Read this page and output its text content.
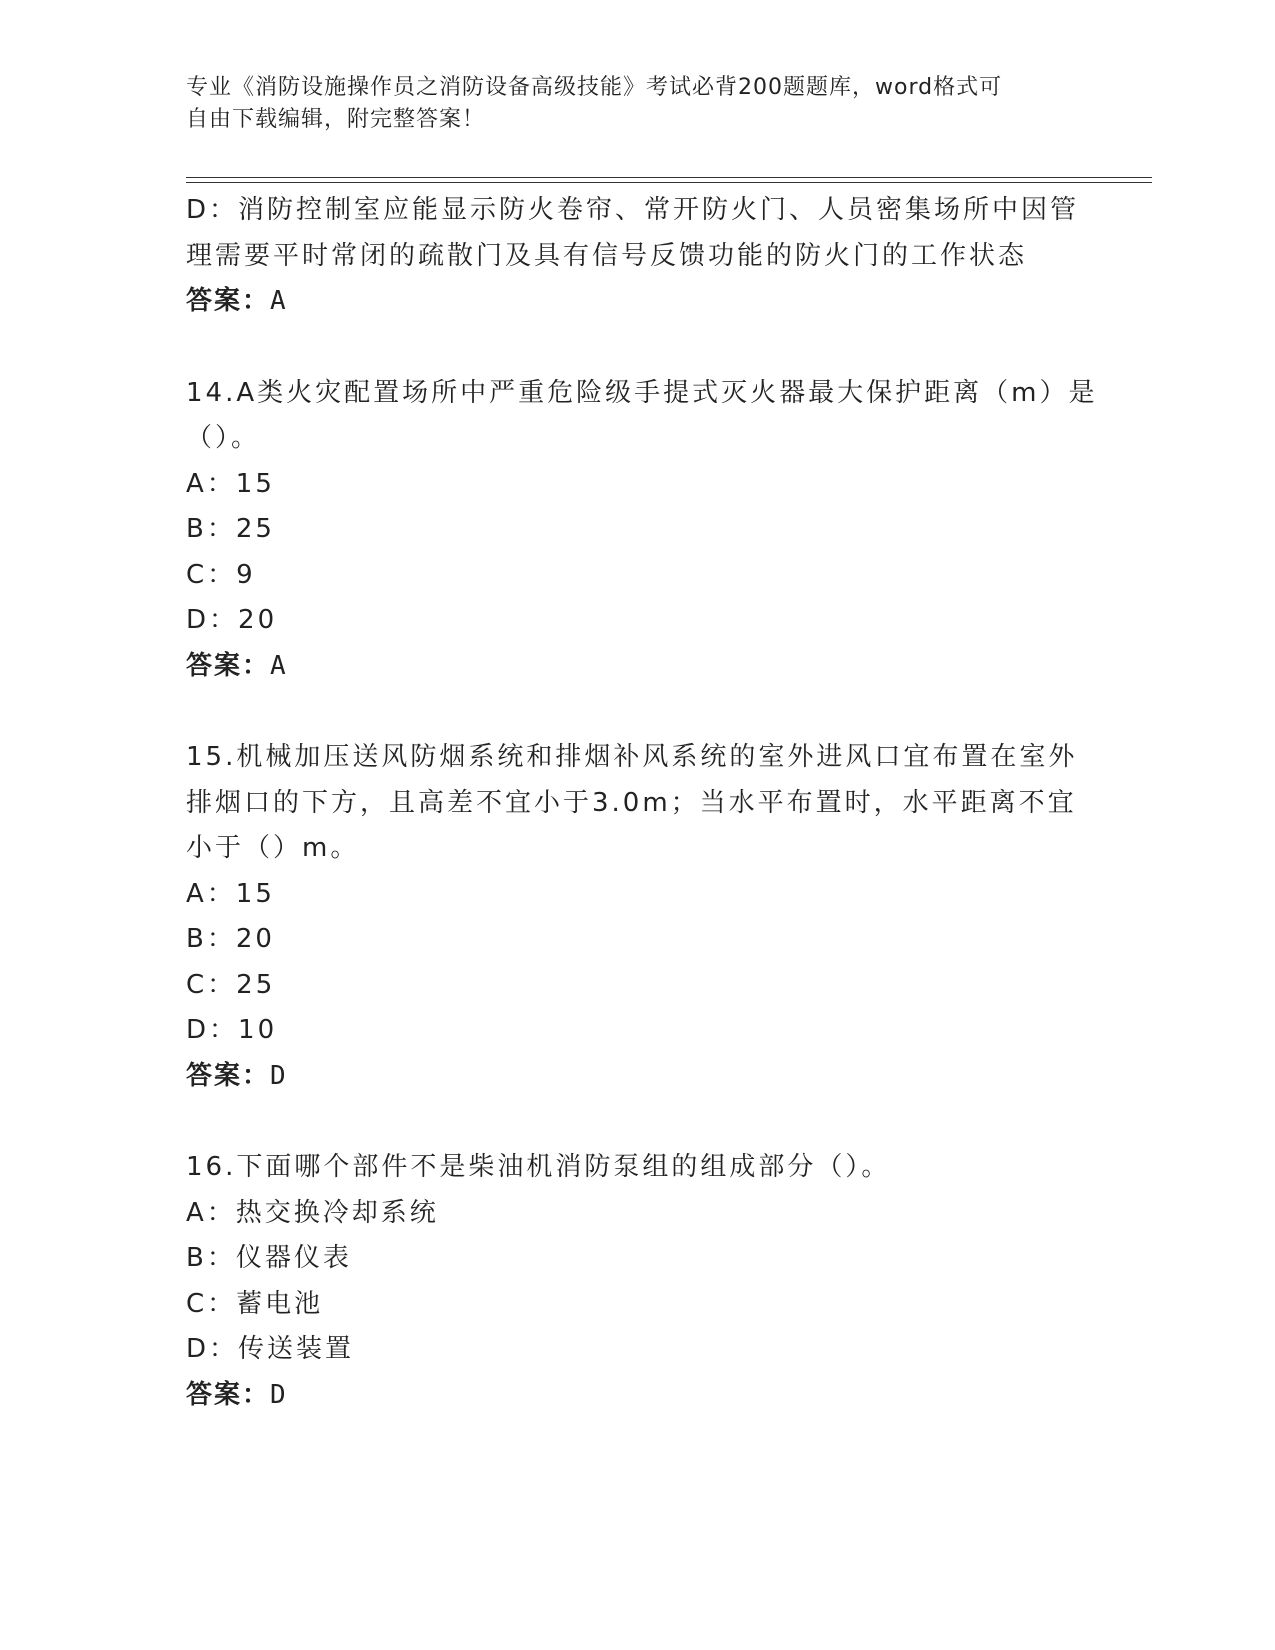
专业《消防设施操作员之消防设备高级技能》考试必背200题题库，word格式可
自由下载编辑，附完整答案！

D：消防控制室应能显示防火卷帘、常开防火门、人员密集场所中因管

理需要平时常闭的疏散门及具有信号反馈功能的防火门的工作状态

答案：A

14.A类火灾配置场所中严重危险级手提式灭火器最大保护距离（m）是

（）。

A：15

B：25

C：9

D：20

答案：A

15.机械加压送风防烟系统和排烟补风系统的室外进风口宜布置在室外

排烟口的下方，且高差不宜小于3.0m；当水平布置时，水平距离不宜

小于（）m。

A：15

B：20

C：25

D：10

答案：D

16.下面哪个部件不是柴油机消防泵组的组成部分（）。

A：热交换冷却系统

B：仪器仪表

C：蓄电池

D：传送装置

答案：D
